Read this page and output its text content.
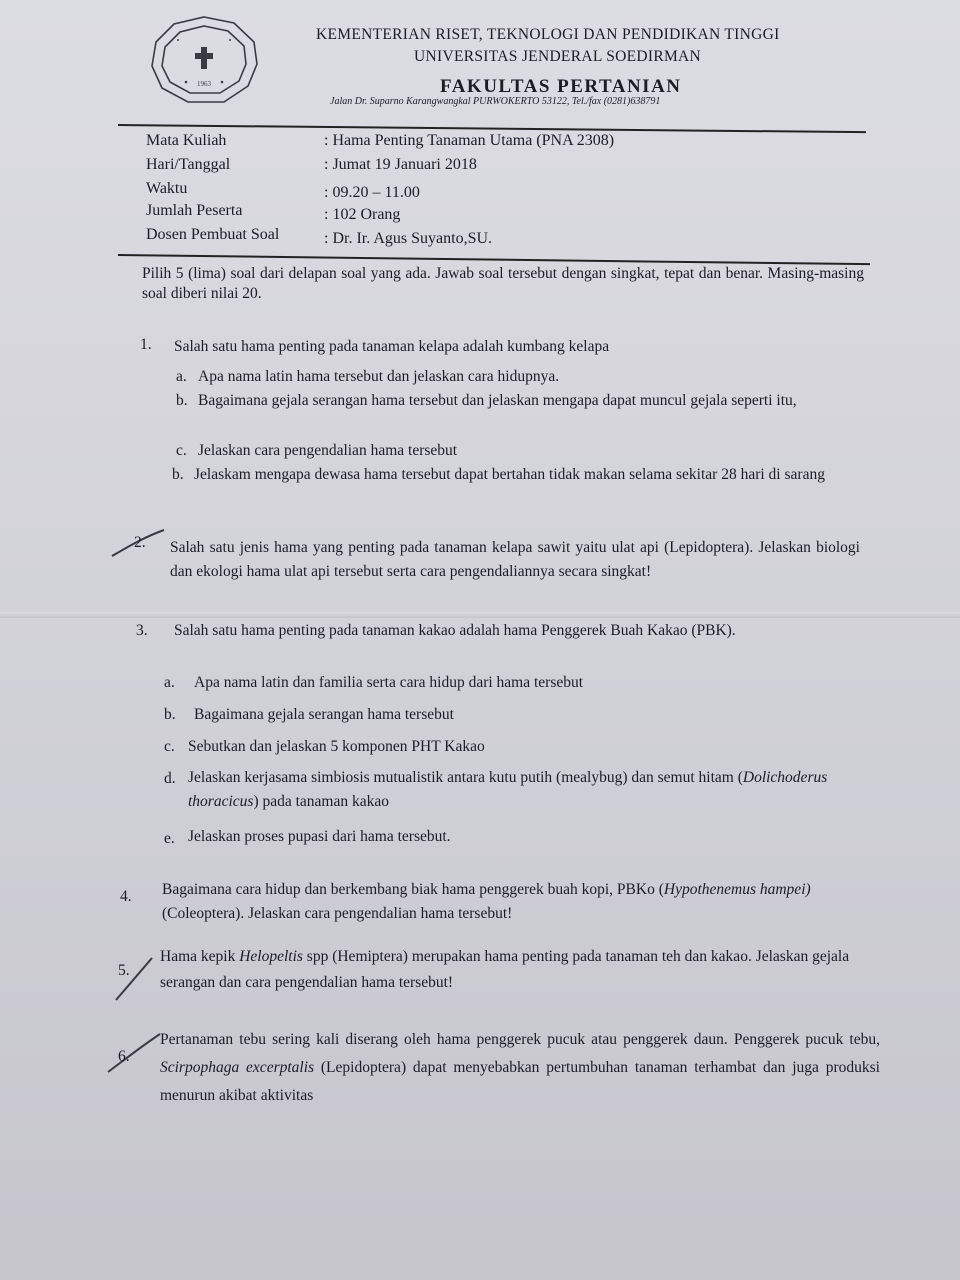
1963
KEMENTERIAN RISET, TEKNOLOGI DAN PENDIDIKAN TINGGI
UNIVERSITAS JENDERAL SOEDIRMAN
FAKULTAS PERTANIAN
Jalan Dr. Suparno Karangwangkal PURWOKERTO 53122, Tel./fax (0281)638791
Mata Kuliah	: Hama Penting Tanaman Utama (PNA 2308)
Hari/Tanggal	: Jumat 19 Januari 2018
Waktu	: 09.20 – 11.00
Jumlah Peserta	: 102 Orang
Dosen Pembuat Soal	: Dr. Ir. Agus Suyanto,SU.
Pilih 5 (lima) soal dari delapan soal yang ada. Jawab soal tersebut dengan singkat, tepat dan benar. Masing-masing soal diberi nilai 20.
1. Salah satu hama penting pada tanaman kelapa adalah kumbang kelapa
a. Apa nama latin hama tersebut dan jelaskan cara hidupnya.
b. Bagaimana gejala serangan hama tersebut dan jelaskan mengapa dapat muncul gejala seperti itu,
c. Jelaskan cara pengendalian hama tersebut
b. Jelaskam mengapa dewasa hama tersebut dapat bertahan tidak makan selama sekitar 28 hari di sarang
2. Salah satu jenis hama yang penting pada tanaman kelapa sawit yaitu ulat api (Lepidoptera). Jelaskan biologi dan ekologi hama ulat api tersebut serta cara pengendaliannya secara singkat!
3. Salah satu hama penting pada tanaman kakao adalah hama Penggerek Buah Kakao (PBK).
a. Apa nama latin dan familia serta cara hidup dari hama tersebut
b. Bagaimana gejala serangan hama tersebut
c. Sebutkan dan jelaskan 5 komponen PHT Kakao
d. Jelaskan kerjasama simbiosis mutualistik antara kutu putih (mealybug) dan semut hitam (Dolichoderus thoracicus) pada tanaman kakao
e. Jelaskan proses pupasi dari hama tersebut.
4. Bagaimana cara hidup dan berkembang biak hama penggerek buah kopi, PBKo (Hypothenemus hampei)(Coleoptera). Jelaskan cara pengendalian hama tersebut!
5.
Hama kepik Helopeltis spp (Hemiptera) merupakan hama penting pada tanaman teh dan kakao. Jelaskan gejala serangan dan cara pengendalian hama tersebut!
6.
Pertanaman tebu sering kali diserang oleh hama penggerek pucuk atau penggerek daun. Penggerek pucuk tebu, Scirpophaga excerptalis (Lepidoptera) dapat menyebabkan pertumbuhan tanaman terhambat dan juga produksi menurun akibat aktivitas
